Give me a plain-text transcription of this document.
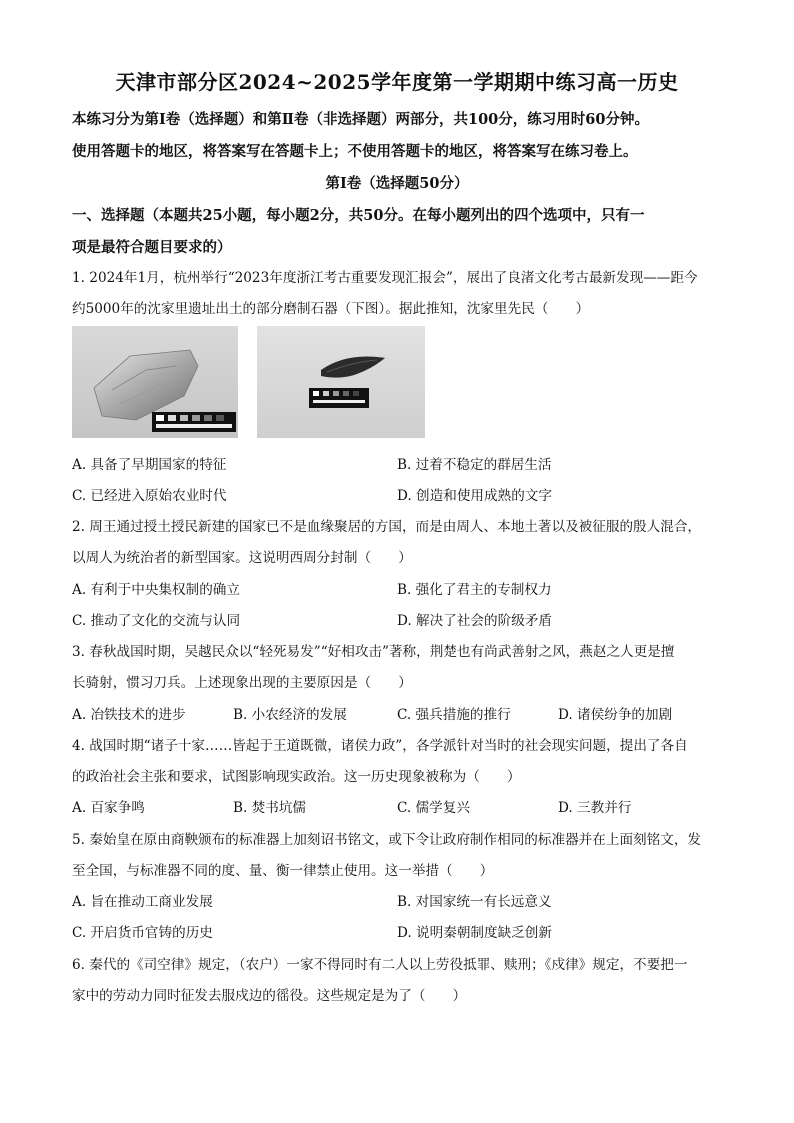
天津市部分区2024~2025学年度第一学期期中练习高一历史
本练习分为第Ⅰ卷（选择题）和第Ⅱ卷（非选择题）两部分，共100分，练习用时60分钟。
使用答题卡的地区，将答案写在答题卡上；不使用答题卡的地区，将答案写在练习卷上。
第Ⅰ卷（选择题50分）
一、选择题（本题共25小题，每小题2分，共50分。在每小题列出的四个选项中，只有一
项是最符合题目要求的）
1. 2024年1月，杭州举行“2023年度浙江考古重要发现汇报会”，展出了良渚文化考古最新发现——距今
约5000年的沈家里遗址出土的部分磨制石器（下图）。据此推知，沈家里先民（　　）
A. 具备了早期国家的特征	B. 过着不稳定的群居生活
C. 已经进入原始农业时代	D. 创造和使用成熟的文字
2. 周王通过授土授民新建的国家已不是血缘聚居的方国，而是由周人、本地土著以及被征服的殷人混合，
以周人为统治者的新型国家。这说明西周分封制（　　）
A. 有利于中央集权制的确立	B. 强化了君主的专制权力
C. 推动了文化的交流与认同	D. 解决了社会的阶级矛盾
3. 春秋战国时期，吴越民众以“轻死易发”“好相攻击”著称，荆楚也有尚武善射之风，燕赵之人更是擅
长骑射，惯习刀兵。上述现象出现的主要原因是（　　）
A. 冶铁技术的进步	B. 小农经济的发展	C. 强兵措施的推行	D. 诸侯纷争的加剧
4. 战国时期“诸子十家……皆起于王道既微，诸侯力政”，各学派针对当时的社会现实问题，提出了各自
的政治社会主张和要求，试图影响现实政治。这一历史现象被称为（　　）
A. 百家争鸣	B. 焚书坑儒	C. 儒学复兴	D. 三教并行
5. 秦始皇在原由商鞅颁布的标准器上加刻诏书铭文，或下令让政府制作相同的标准器并在上面刻铭文，发
至全国，与标准器不同的度、量、衡一律禁止使用。这一举措（　　）
A. 旨在推动工商业发展	B. 对国家统一有长远意义
C. 开启货币官铸的历史	D. 说明秦朝制度缺乏创新
6. 秦代的《司空律》规定，（农户）一家不得同时有二人以上劳役抵罪、赎刑；《戍律》规定，不要把一
家中的劳动力同时征发去服戍边的徭役。这些规定是为了（　　）
